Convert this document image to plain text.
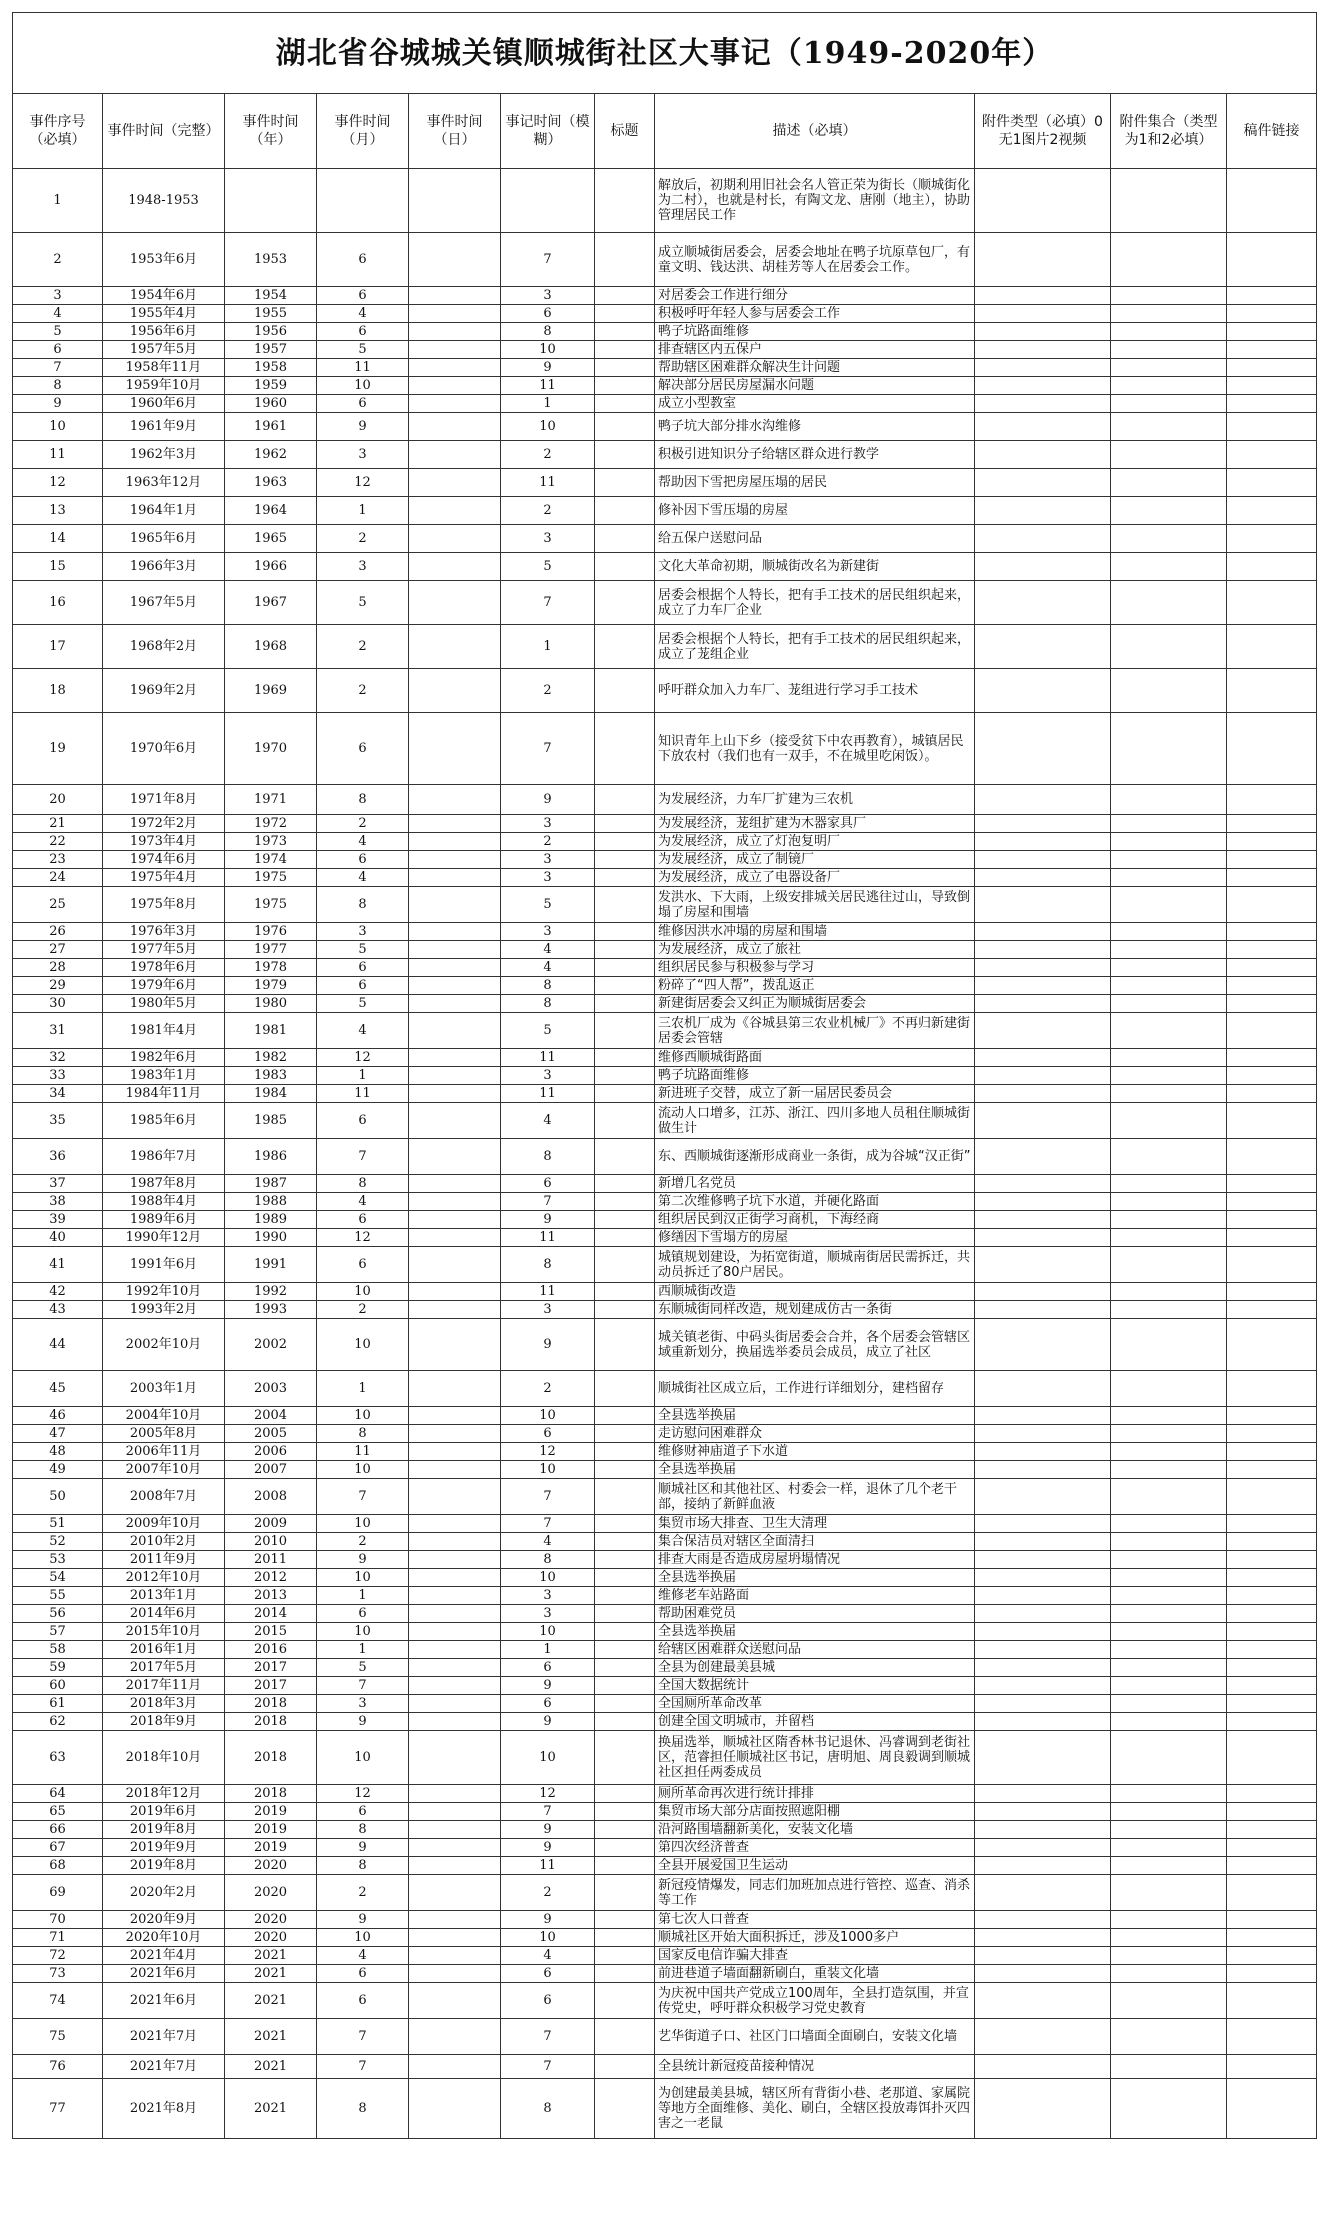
湖北省谷城城关镇顺城街社区大事记（1949-2020年）										
事件序号（必填）	事件时间（完整）	事件时间（年）	事件时间（月）	事件时间（日）	事记时间（模糊）	标题	描述（必填）	附件类型（必填）0无1图片2视频	附件集合（类型为1和2必填）	稿件链接
1	1948-1953						解放后，初期利用旧社会名人管正荣为街长（顺城街化为二村），也就是村长，有陶文龙、唐刚（地主），协助管理居民工作			
2	1953年6月	1953	6		7		成立顺城街居委会，居委会地址在鸭子坑原草包厂，有童文明、钱达洪、胡桂芳等人在居委会工作。			
3	1954年6月	1954	6		3		对居委会工作进行细分			
4	1955年4月	1955	4		6		积极呼吁年轻人参与居委会工作			
5	1956年6月	1956	6		8		鸭子坑路面维修			
6	1957年5月	1957	5		10		排查辖区内五保户			
7	1958年11月	1958	11		9		帮助辖区困难群众解决生计问题			
8	1959年10月	1959	10		11		解决部分居民房屋漏水问题			
9	1960年6月	1960	6		1		成立小型教室			
10	1961年9月	1961	9		10		鸭子坑大部分排水沟维修			
11	1962年3月	1962	3		2		积极引进知识分子给辖区群众进行教学			
12	1963年12月	1963	12		11		帮助因下雪把房屋压塌的居民			
13	1964年1月	1964	1		2		修补因下雪压塌的房屋			
14	1965年6月	1965	2		3		给五保户送慰问品			
15	1966年3月	1966	3		5		文化大革命初期，顺城街改名为新建街			
16	1967年5月	1967	5		7		居委会根据个人特长，把有手工技术的居民组织起来，成立了力车厂企业			
17	1968年2月	1968	2		1		居委会根据个人特长，把有手工技术的居民组织起来，成立了茏组企业			
18	1969年2月	1969	2		2		呼吁群众加入力车厂、茏组进行学习手工技术			
19	1970年6月	1970	6		7		知识青年上山下乡（接受贫下中农再教育），城镇居民下放农村（我们也有一双手，不在城里吃闲饭）。			
20	1971年8月	1971	8		9		为发展经济，力车厂扩建为三农机			
21	1972年2月	1972	2		3		为发展经济，茏组扩建为木器家具厂			
22	1973年4月	1973	4		2		为发展经济，成立了灯泡复明厂			
23	1974年6月	1974	6		3		为发展经济，成立了制镜厂			
24	1975年4月	1975	4		3		为发展经济，成立了电器设备厂			
25	1975年8月	1975	8		5		发洪水、下大雨，上级安排城关居民逃往过山，导致倒塌了房屋和围墙			
26	1976年3月	1976	3		3		维修因洪水冲塌的房屋和围墙			
27	1977年5月	1977	5		4		为发展经济，成立了旅社			
28	1978年6月	1978	6		4		组织居民参与积极参与学习			
29	1979年6月	1979	6		8		粉碎了“四人帮”，拨乱返正			
30	1980年5月	1980	5		8		新建街居委会又纠正为顺城街居委会			
31	1981年4月	1981	4		5		三农机厂成为《谷城县第三农业机械厂》不再归新建街居委会管辖			
32	1982年6月	1982	12		11		维修西顺城街路面			
33	1983年1月	1983	1		3		鸭子坑路面维修			
34	1984年11月	1984	11		11		新进班子交替，成立了新一届居民委员会			
35	1985年6月	1985	6		4		流动人口增多，江苏、浙江、四川多地人员租住顺城街做生计			
36	1986年7月	1986	7		8		东、西顺城街逐渐形成商业一条街，成为谷城“汉正街”			
37	1987年8月	1987	8		6		新增几名党员			
38	1988年4月	1988	4		7		第二次维修鸭子坑下水道，并硬化路面			
39	1989年6月	1989	6		9		组织居民到汉正街学习商机，下海经商			
40	1990年12月	1990	12		11		修缮因下雪塌方的房屋			
41	1991年6月	1991	6		8		城镇规划建设，为拓宽街道，顺城南街居民需拆迁，共动员拆迁了80户居民。			
42	1992年10月	1992	10		11		西顺城街改造			
43	1993年2月	1993	2		3		东顺城街同样改造，规划建成仿古一条街			
44	2002年10月	2002	10		9		城关镇老街、中码头街居委会合并，各个居委会管辖区域重新划分，换届选举委员会成员，成立了社区			
45	2003年1月	2003	1		2		顺城街社区成立后，工作进行详细划分，建档留存			
46	2004年10月	2004	10		10		全县选举换届			
47	2005年8月	2005	8		6		走访慰问困难群众			
48	2006年11月	2006	11		12		维修财神庙道子下水道			
49	2007年10月	2007	10		10		全县选举换届			
50	2008年7月	2008	7		7		顺城社区和其他社区、村委会一样，退休了几个老干部，接纳了新鲜血液			
51	2009年10月	2009	10		7		集贸市场大排查、卫生大清理			
52	2010年2月	2010	2		4		集合保洁员对辖区全面清扫			
53	2011年9月	2011	9		8		排查大雨是否造成房屋坍塌情况			
54	2012年10月	2012	10		10		全县选举换届			
55	2013年1月	2013	1		3		维修老车站路面			
56	2014年6月	2014	6		3		帮助困难党员			
57	2015年10月	2015	10		10		全县选举换届			
58	2016年1月	2016	1		1		给辖区困难群众送慰问品			
59	2017年5月	2017	5		6		全县为创建最美县城			
60	2017年11月	2017	7		9		全国大数据统计			
61	2018年3月	2018	3		6		全国厕所革命改革			
62	2018年9月	2018	9		9		创建全国文明城市，并留档			
63	2018年10月	2018	10		10		换届选举，顺城社区隋香林书记退休、冯睿调到老街社区，范睿担任顺城社区书记，唐明旭、周良毅调到顺城社区担任两委成员			
64	2018年12月	2018	12		12		厕所革命再次进行统计排排			
65	2019年6月	2019	6		7		集贸市场大部分店面按照遮阳棚			
66	2019年8月	2019	8		9		沿河路围墙翻新美化，安装文化墙			
67	2019年9月	2019	9		9		第四次经济普查			
68	2019年8月	2020	8		11		全县开展爱国卫生运动			
69	2020年2月	2020	2		2		新冠疫情爆发，同志们加班加点进行管控、巡查、消杀等工作			
70	2020年9月	2020	9		9		第七次人口普查			
71	2020年10月	2020	10		10		顺城社区开始大面积拆迁，涉及1000多户			
72	2021年4月	2021	4		4		国家反电信诈骗大排查			
73	2021年6月	2021	6		6		前进巷道子墙面翻新刷白，重装文化墙			
74	2021年6月	2021	6		6		为庆祝中国共产党成立100周年，全县打造氛围，并宣传党史，呼吁群众积极学习党史教育			
75	2021年7月	2021	7		7		艺华街道子口、社区门口墙面全面刷白，安装文化墙			
76	2021年7月	2021	7		7		全县统计新冠疫苗接种情况			
77	2021年8月	2021	8		8		为创建最美县城，辖区所有背街小巷、老那道、家属院等地方全面维修、美化、刷白，全辖区投放毒饵扑灭四害之一老鼠			
